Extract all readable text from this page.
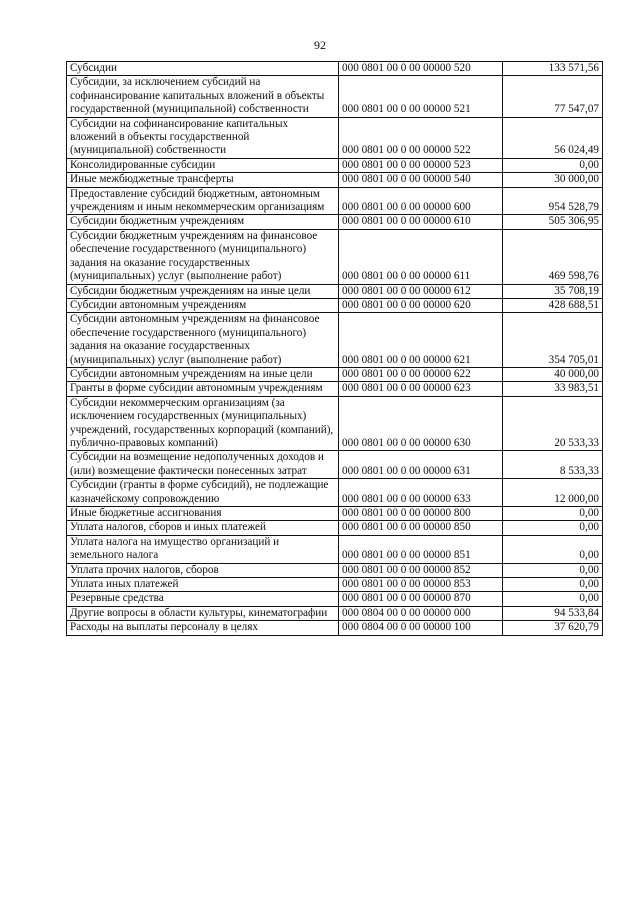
92
Субсидии	000 0801 00 0 00 00000 520	133 571,56
Субсидии, за исключением субсидий на софинансирование капитальных вложений в объекты государственной (муниципальной) собственности	000 0801 00 0 00 00000 521	77 547,07
Субсидии на софинансирование капитальных вложений в объекты государственной (муниципальной) собственности	000 0801 00 0 00 00000 522	56 024,49
Консолидированные субсидии	000 0801 00 0 00 00000 523	0,00
Иные межбюджетные трансферты	000 0801 00 0 00 00000 540	30 000,00
Предоставление субсидий бюджетным, автономным учреждениям и иным некоммерческим организациям	000 0801 00 0 00 00000 600	954 528,79
Субсидии бюджетным учреждениям	000 0801 00 0 00 00000 610	505 306,95
Субсидии бюджетным учреждениям на финансовое обеспечение государственного (муниципального) задания на оказание государственных (муниципальных) услуг (выполнение работ)	000 0801 00 0 00 00000 611	469 598,76
Субсидии бюджетным учреждениям на иные цели	000 0801 00 0 00 00000 612	35 708,19
Субсидии автономным учреждениям	000 0801 00 0 00 00000 620	428 688,51
Субсидии автономным учреждениям на финансовое обеспечение государственного (муниципального) задания на оказание государственных (муниципальных) услуг (выполнение работ)	000 0801 00 0 00 00000 621	354 705,01
Субсидии автономным учреждениям на иные цели	000 0801 00 0 00 00000 622	40 000,00
Гранты в форме субсидии автономным учреждениям	000 0801 00 0 00 00000 623	33 983,51
Субсидии некоммерческим организациям (за исключением государственных (муниципальных) учреждений, государственных корпораций (компаний), публично-правовых компаний)	000 0801 00 0 00 00000 630	20 533,33
Субсидии на возмещение недополученных доходов и (или) возмещение фактически понесенных затрат	000 0801 00 0 00 00000 631	8 533,33
Субсидии (гранты в форме субсидий), не подлежащие казначейскому сопровождению	000 0801 00 0 00 00000 633	12 000,00
Иные бюджетные ассигнования	000 0801 00 0 00 00000 800	0,00
Уплата налогов, сборов и иных платежей	000 0801 00 0 00 00000 850	0,00
Уплата налога на имущество организаций и земельного налога	000 0801 00 0 00 00000 851	0,00
Уплата прочих налогов, сборов	000 0801 00 0 00 00000 852	0,00
Уплата иных платежей	000 0801 00 0 00 00000 853	0,00
Резервные средства	000 0801 00 0 00 00000 870	0,00
Другие вопросы в области культуры, кинематографии	000 0804 00 0 00 00000 000	94 533,84
Расходы на выплаты персоналу в целях	000 0804 00 0 00 00000 100	37 620,79
